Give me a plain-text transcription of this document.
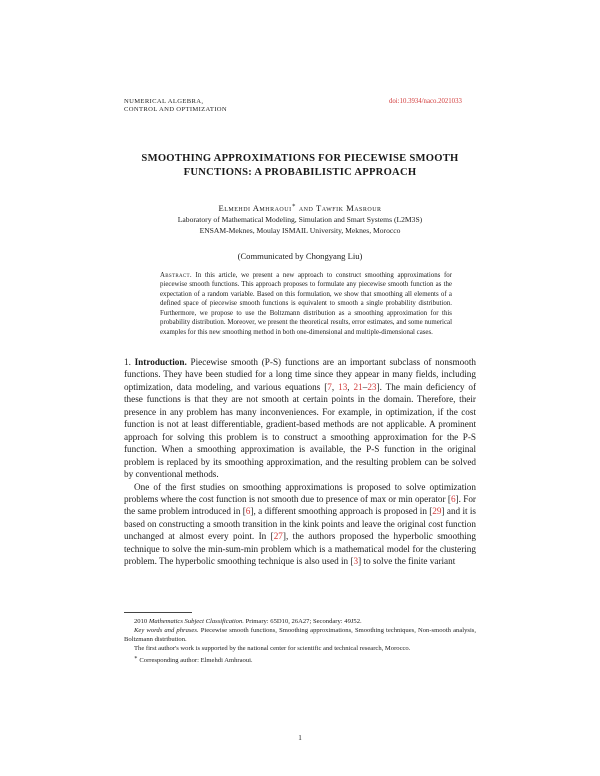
NUMERICAL ALGEBRA,
CONTROL AND OPTIMIZATION
doi:10.3934/naco.2021033
SMOOTHING APPROXIMATIONS FOR PIECEWISE SMOOTH
FUNCTIONS: A PROBABILISTIC APPROACH
Elmehdi Amhraoui∗ and Tawfik Masrour
Laboratory of Mathematical Modeling, Simulation and Smart Systems (L2M3S)
ENSAM-Meknes, Moulay ISMAIL University, Meknes, Morocco
(Communicated by Chongyang Liu)
Abstract. In this article, we present a new approach to construct smoothing approximations for piecewise smooth functions. This approach proposes to formulate any piecewise smooth function as the expectation of a random variable. Based on this formulation, we show that smoothing all elements of a defined space of piecewise smooth functions is equivalent to smooth a single probability distribution. Furthermore, we propose to use the Boltzmann distribution as a smoothing approximation for this probability distribution. Moreover, we present the theoretical results, error estimates, and some numerical examples for this new smoothing method in both one-dimensional and multiple-dimensional cases.

1. Introduction. Piecewise smooth (P-S) functions are an important subclass of nonsmooth functions. They have been studied for a long time since they appear in many fields, including optimization, data modeling, and various equations [7, 13, 21–23]. The main deficiency of these functions is that they are not smooth at certain points in the domain. Therefore, their presence in any problem has many inconveniences. For example, in optimization, if the cost function is not at least differentiable, gradient-based methods are not applicable. A prominent approach for solving this problem is to construct a smoothing approximation for the P-S function. When a smoothing approximation is available, the P-S function in the original problem is replaced by its smoothing approximation, and the resulting problem can be solved by conventional methods.

One of the first studies on smoothing approximations is proposed to solve optimization problems where the cost function is not smooth due to presence of max or min operator [6]. For the same problem introduced in [6], a different smoothing approach is proposed in [29] and it is based on constructing a smooth transition in the kink points and leave the original cost function unchanged at almost every point. In [27], the authors proposed the hyperbolic smoothing technique to solve the min-sum-min problem which is a mathematical model for the clustering problem. The hyperbolic smoothing technique is also used in [3] to solve the finite variant

2010 Mathematics Subject Classification. Primary: 65D10, 26A27; Secondary: 49J52.

Key words and phrases. Piecewise smooth functions, Smoothing approximations, Smoothing techniques, Non-smooth analysis, Boltzmann distribution.

The first author's work is supported by the national center for scientific and technical research, Morocco.

∗ Corresponding author: Elmehdi Amhraoui.

1
